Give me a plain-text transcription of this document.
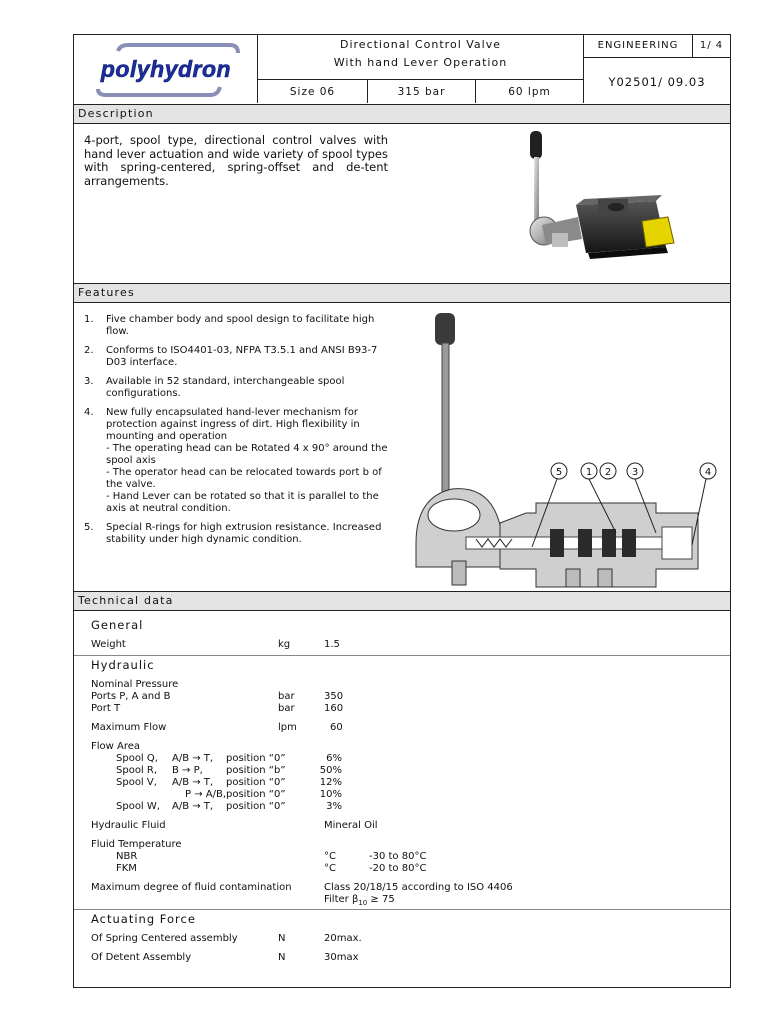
polyhydron
Directional Control Valve
With hand Lever Operation
Size 06	315 bar	60 lpm
ENGINEERING	1/ 4
Y02501/ 09.03
Description
4-port, spool type, directional control valves with hand lever actuation and wide variety of spool types with spring-centered, spring-offset and de-tent arrangements.
Features
1. Five chamber body and spool design to facilitate high flow.
2. Conforms to ISO4401-03, NFPA T3.5.1 and ANSI B93-7 D03 interface.
3. Available in 52 standard, interchangeable spool configurations.
4. New fully encapsulated hand-lever mechanism for protection against ingress of dirt. High flexibility in mounting and operation
- The operating head can be Rotated 4 x 90° around the spool axis
- The operator head can be relocated towards port b of the valve.
- Hand Lever can be rotated so that it is parallel to the axis at neutral condition.
5. Special R-rings for high extrusion resistance. Increased stability under high dynamic condition.
5 1 2 3	4
Technical data
General
Weight	kg	1.5
Hydraulic
Nominal Pressure
Ports P, A and B	bar	350
Port T	bar	160
Maximum Flow	lpm	60
Flow Area
Spool Q, A/B → T, position “0”	6%
Spool R, B → P, position “b”	50%
Spool V, A/B → T, position “0”	12%
P → A/B, position “0”	10%
Spool W, A/B → T, position “0”	3%
Hydraulic Fluid	Mineral Oil
Fluid Temperature
NBR	°C	-30 to 80°C
FKM	°C	-20 to 80°C
Maximum degree of fluid contamination	Class 20/18/15 according to ISO 4406
Filter $\beta_{10} \ge 75$
Actuating Force
Of Spring Centered assembly	N	20max.
Of Detent Assembly	N	30max
